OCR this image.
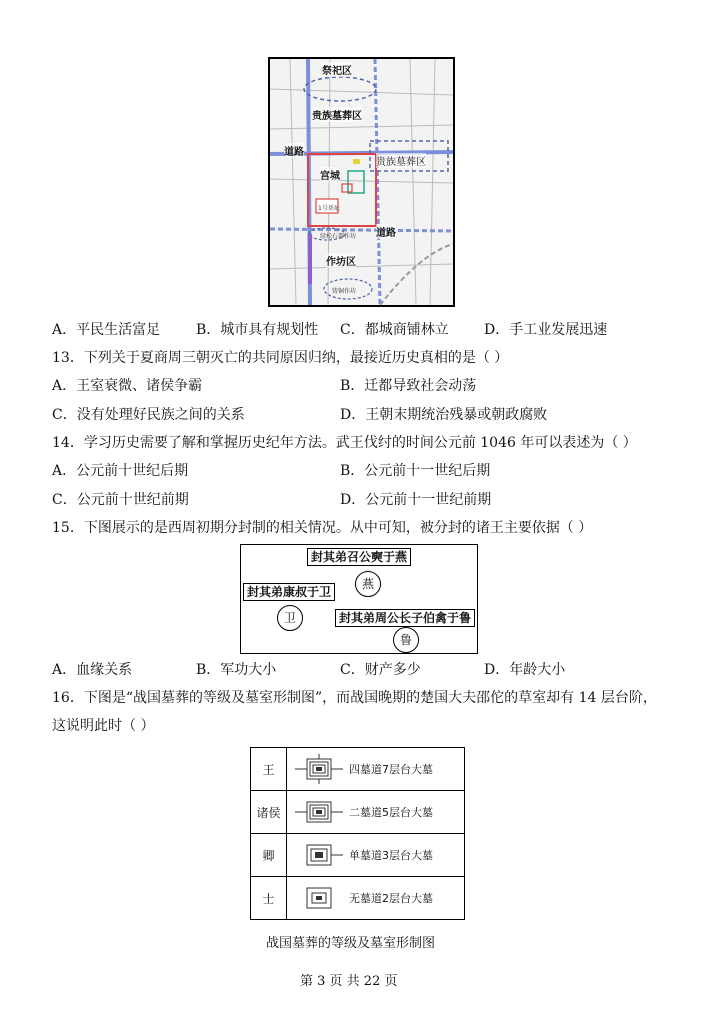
祭祀区
贵族墓葬区
道路
宫城
贵族墓葬区
道路
作坊区
1号基址
绿松石器作坊
铸铜作坊
A．平民生活富足	B．城市具有规划性 C．都城商铺林立	D．手工业发展迅速
13．下列关于夏商周三朝灭亡的共同原因归纳，最接近历史真相的是（ ）
A．王室衰微、诸侯争霸	B．迁都导致社会动荡
C．没有处理好民族之间的关系	D．王朝末期统治残暴或朝政腐败
14．学习历史需要了解和掌握历史纪年方法。武王伐纣的时间公元前 1046 年可以表述为（ ）
A．公元前十世纪后期	B．公元前十一世纪后期
C．公元前十世纪前期	D．公元前十一世纪前期
15．下图展示的是西周初期分封制的相关情况。从中可知，被分封的诸王主要依据（ ）
封其弟召公奭于燕
燕
封其弟康叔于卫
卫	封其弟周公长子伯禽于鲁
鲁
A．血缘关系	B．军功大小	C．财产多少	D．年龄大小
16．下图是“战国墓葬的等级及墓室形制图”，而战国晚期的楚国大夫邵佗的草室却有 14 层台阶，
这说明此时（ ）
王	四墓道7层台大墓

诸侯	二墓道5层台大墓

卿	单墓道3层台大墓

士	无墓道2层台大墓
战国墓葬的等级及墓室形制图
第 3 页 共 22 页
